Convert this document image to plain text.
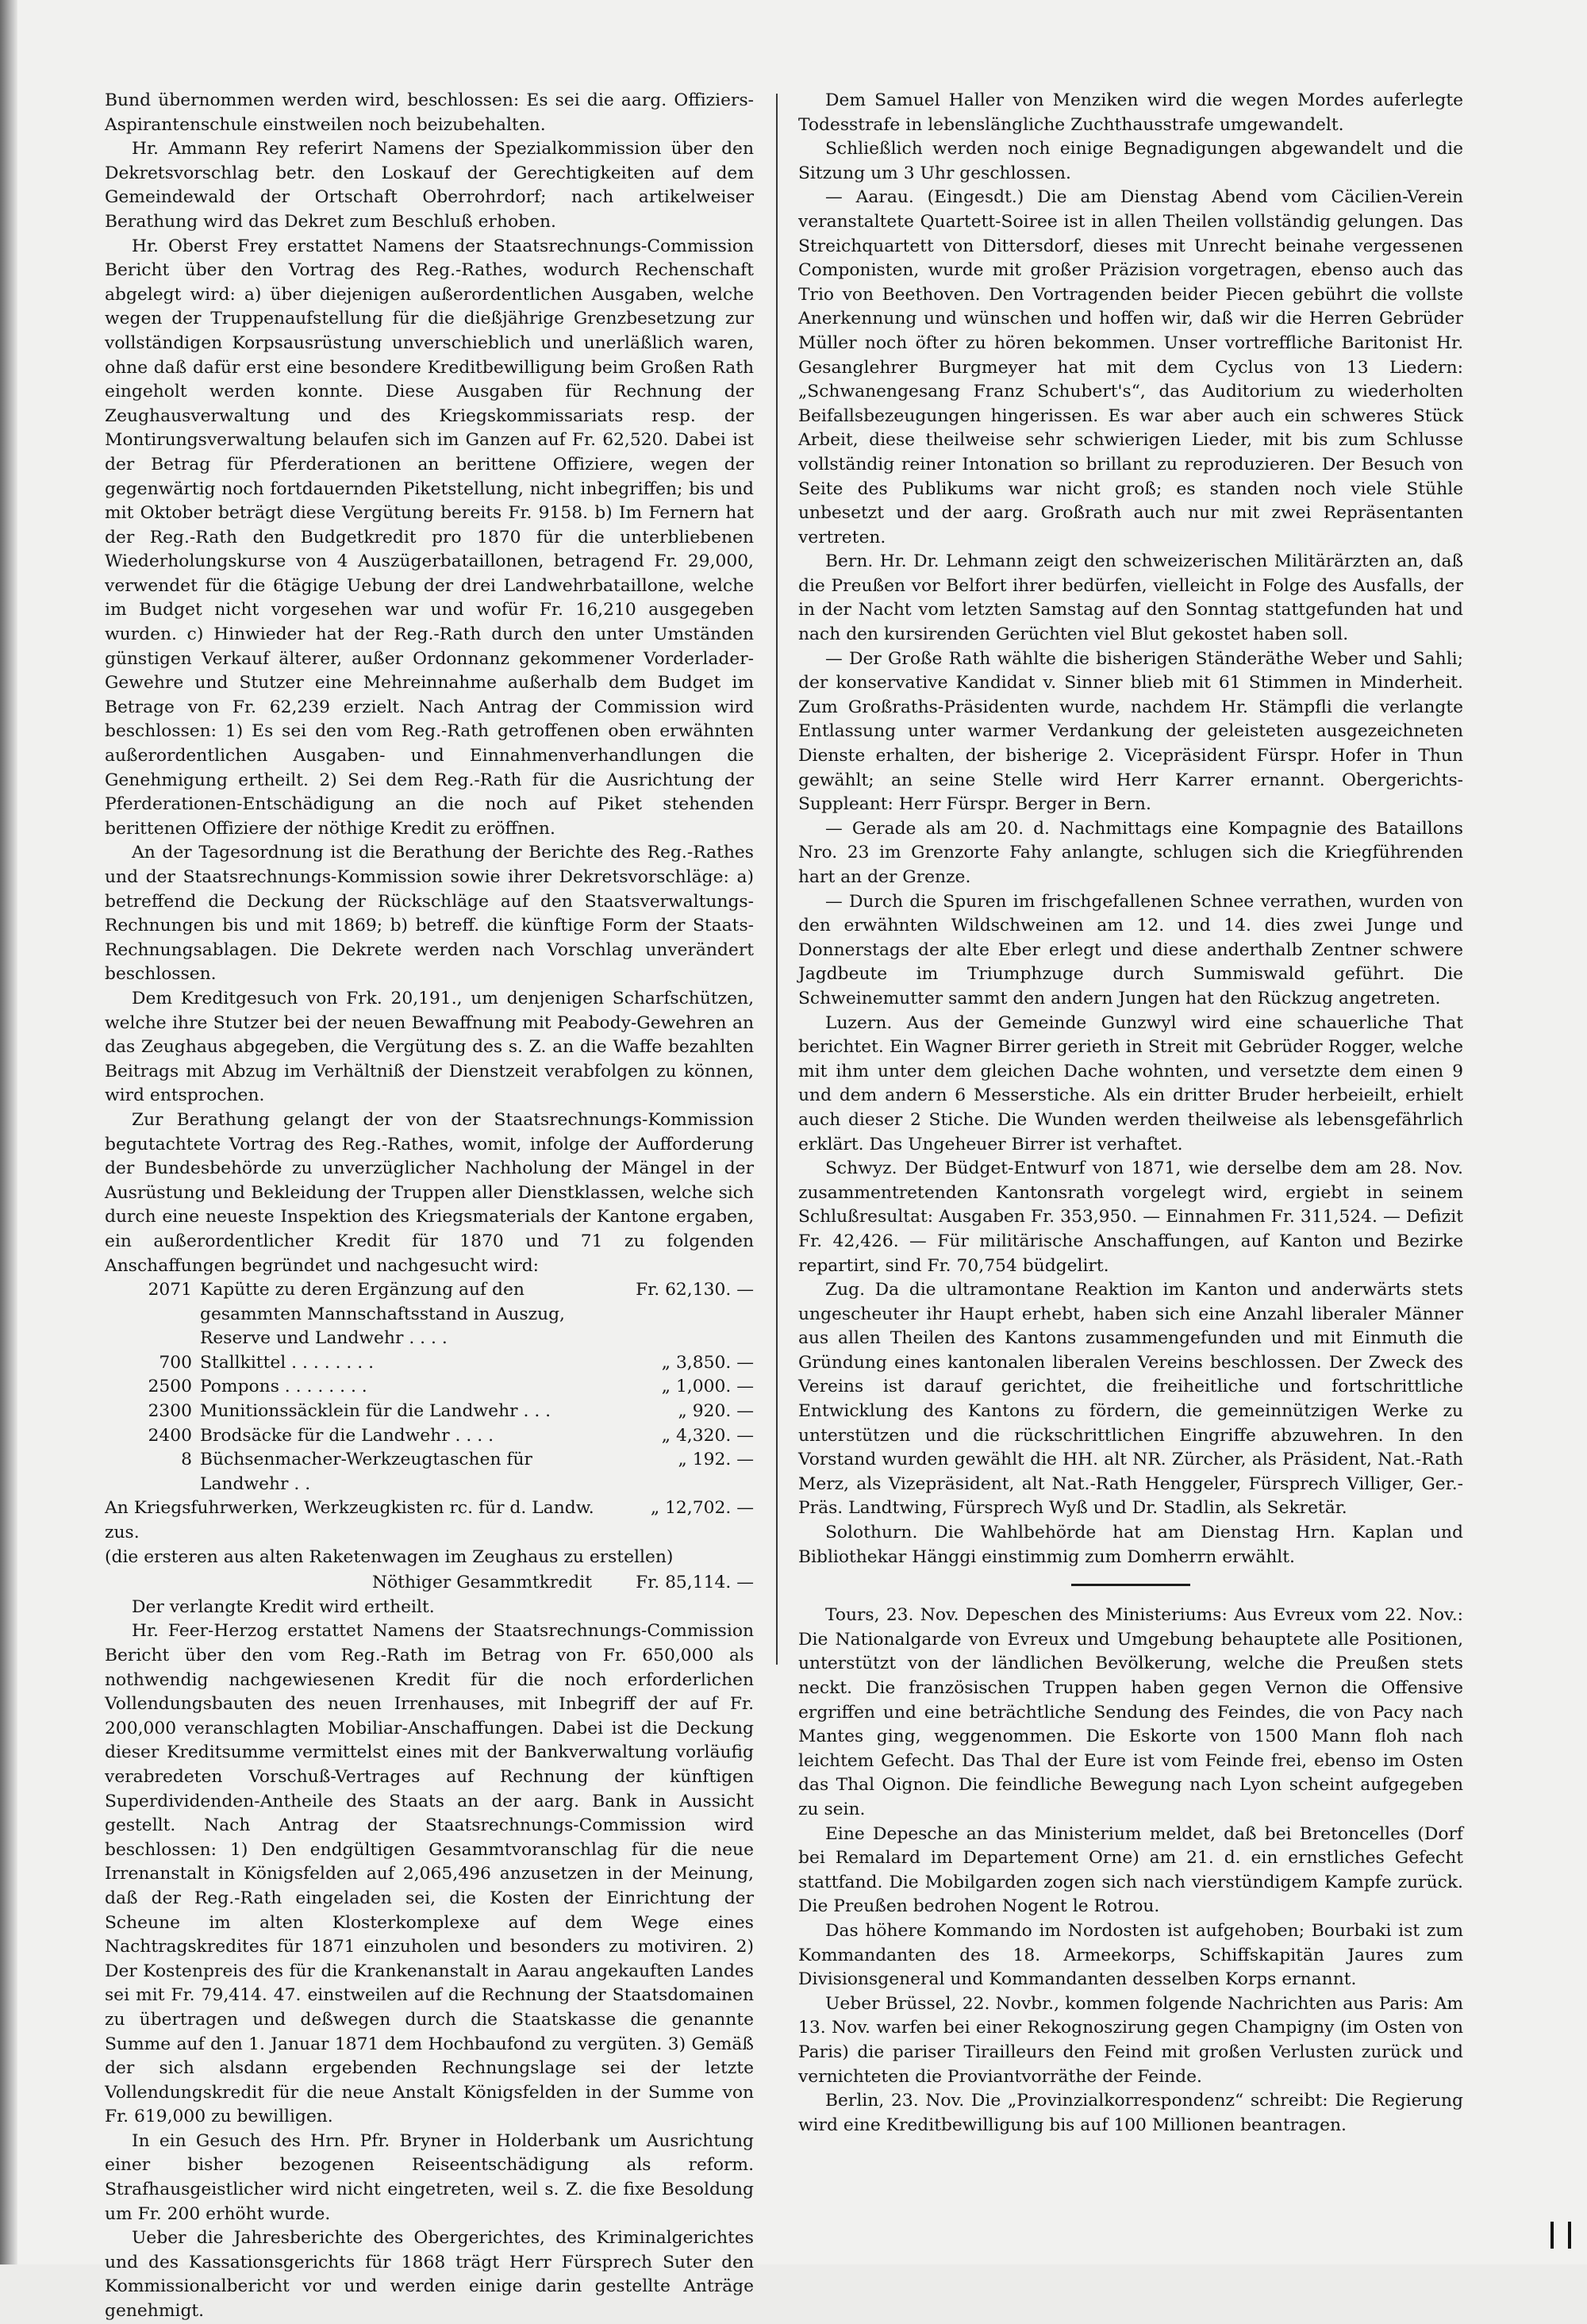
Bund übernommen werden wird, beschlossen: Es sei die aarg. Offiziers-Aspirantenschule einstweilen noch beizubehalten.

Hr. Ammann Rey referirt Namens der Spezialkommission über den Dekretsvorschlag betr. den Loskauf der Gerechtigkeiten auf dem Gemeindewald der Ortschaft Oberrohrdorf; nach artikelweiser Berathung wird das Dekret zum Beschluß erhoben.

Hr. Oberst Frey erstattet Namens der Staatsrechnungs-Commission Bericht über den Vortrag des Reg.-Rathes, wodurch Rechenschaft abgelegt wird: a) über diejenigen außerordentlichen Ausgaben, welche wegen der Truppenaufstellung für die dießjährige Grenzbesetzung zur vollständigen Korpsausrüstung unverschieblich und unerläßlich waren, ohne daß dafür erst eine besondere Kreditbewilligung beim Großen Rath eingeholt werden konnte. Diese Ausgaben für Rechnung der Zeughausverwaltung und des Kriegskommissariats resp. der Montirungsverwaltung belaufen sich im Ganzen auf Fr. 62,520. Dabei ist der Betrag für Pferderationen an berittene Offiziere, wegen der gegenwärtig noch fortdauernden Piketstellung, nicht inbegriffen; bis und mit Oktober beträgt diese Vergütung bereits Fr. 9158. b) Im Fernern hat der Reg.-Rath den Budgetkredit pro 1870 für die unterbliebenen Wiederholungskurse von 4 Auszügerbataillonen, betragend Fr. 29,000, verwendet für die 6tägige Uebung der drei Landwehrbataillone, welche im Budget nicht vorgesehen war und wofür Fr. 16,210 ausgegeben wurden. c) Hinwieder hat der Reg.-Rath durch den unter Umständen günstigen Verkauf älterer, außer Ordonnanz gekommener Vorderlader-Gewehre und Stutzer eine Mehreinnahme außerhalb dem Budget im Betrage von Fr. 62,239 erzielt. Nach Antrag der Commission wird beschlossen: 1) Es sei den vom Reg.-Rath getroffenen oben erwähnten außerordentlichen Ausgaben- und Einnahmenverhandlungen die Genehmigung ertheilt. 2) Sei dem Reg.-Rath für die Ausrichtung der Pferderationen-Entschädigung an die noch auf Piket stehenden berittenen Offiziere der nöthige Kredit zu eröffnen.

An der Tagesordnung ist die Berathung der Berichte des Reg.-Rathes und der Staatsrechnungs-Kommission sowie ihrer Dekretsvorschläge: a) betreffend die Deckung der Rückschläge auf den Staatsverwaltungs-Rechnungen bis und mit 1869; b) betreff. die künftige Form der Staats-Rechnungsablagen. Die Dekrete werden nach Vorschlag unverändert beschlossen.

Dem Kreditgesuch von Frk. 20,191., um denjenigen Scharfschützen, welche ihre Stutzer bei der neuen Bewaffnung mit Peabody-Gewehren an das Zeughaus abgegeben, die Vergütung des s. Z. an die Waffe bezahlten Beitrags mit Abzug im Verhältniß der Dienstzeit verabfolgen zu können, wird entsprochen.

Zur Berathung gelangt der von der Staatsrechnungs-Kommission begutachtete Vortrag des Reg.-Rathes, womit, infolge der Aufforderung der Bundesbehörde zu unverzüglicher Nachholung der Mängel in der Ausrüstung und Bekleidung der Truppen aller Dienstklassen, welche sich durch eine neueste Inspektion des Kriegsmaterials der Kantone ergaben, ein außerordentlicher Kredit für 1870 und 71 zu folgenden Anschaffungen begründet und nachgesucht wird:

2071	Kapütte zu deren Ergänzung auf den gesammten Mannschaftsstand in Auszug, Reserve und Landwehr . . . .	Fr. 62,130. —
700	Stallkittel . . . . . . . .	„ 3,850. —
2500	Pompons . . . . . . . .	„ 1,000. —
2300	Munitionssäcklein für die Landwehr . . .	„ 920. —
2400	Brodsäcke für die Landwehr . . . .	„ 4,320. —
8	Büchsenmacher-Werkzeugtaschen für Landwehr . .	„ 192. —
An Kriegsfuhrwerken, Werkzeugkisten rc. für d. Landw. zus.		„ 12,702. —
(die ersteren aus alten Raketenwagen im Zeughaus zu erstellen)		
Nöthiger Gesammtkredit		Fr. 85,114. —

Der verlangte Kredit wird ertheilt.

Hr. Feer-Herzog erstattet Namens der Staatsrechnungs-Commission Bericht über den vom Reg.-Rath im Betrag von Fr. 650,000 als nothwendig nachgewiesenen Kredit für die noch erforderlichen Vollendungsbauten des neuen Irrenhauses, mit Inbegriff der auf Fr. 200,000 veranschlagten Mobiliar-Anschaffungen. Dabei ist die Deckung dieser Kreditsumme vermittelst eines mit der Bankverwaltung vorläufig verabredeten Vorschuß-Vertrages auf Rechnung der künftigen Superdividenden-Antheile des Staats an der aarg. Bank in Aussicht gestellt. Nach Antrag der Staatsrechnungs-Commission wird beschlossen: 1) Den endgültigen Gesammtvoranschlag für die neue Irrenanstalt in Königsfelden auf 2,065,496 anzusetzen in der Meinung, daß der Reg.-Rath eingeladen sei, die Kosten der Einrichtung der Scheune im alten Klosterkomplexe auf dem Wege eines Nachtragskredites für 1871 einzuholen und besonders zu motiviren. 2) Der Kostenpreis des für die Krankenanstalt in Aarau angekauften Landes sei mit Fr. 79,414. 47. einstweilen auf die Rechnung der Staatsdomainen zu übertragen und deßwegen durch die Staatskasse die genannte Summe auf den 1. Januar 1871 dem Hochbaufond zu vergüten. 3) Gemäß der sich alsdann ergebenden Rechnungslage sei der letzte Vollendungskredit für die neue Anstalt Königsfelden in der Summe von Fr. 619,000 zu bewilligen.

In ein Gesuch des Hrn. Pfr. Bryner in Holderbank um Ausrichtung einer bisher bezogenen Reiseentschädigung als reform. Strafhausgeistlicher wird nicht eingetreten, weil s. Z. die fixe Besoldung um Fr. 200 erhöht wurde.

Ueber die Jahresberichte des Obergerichtes, des Kriminalgerichtes und des Kassationsgerichts für 1868 trägt Herr Fürsprech Suter den Kommissionalbericht vor und werden einige darin gestellte Anträge genehmigt.

Dem Samuel Haller von Menziken wird die wegen Mordes auferlegte Todesstrafe in lebenslängliche Zuchthausstrafe umgewandelt.

Schließlich werden noch einige Begnadigungen abgewandelt und die Sitzung um 3 Uhr geschlossen.

— Aarau. (Eingesdt.) Die am Dienstag Abend vom Cäcilien-Verein veranstaltete Quartett-Soiree ist in allen Theilen vollständig gelungen. Das Streichquartett von Dittersdorf, dieses mit Unrecht beinahe vergessenen Componisten, wurde mit großer Präzision vorgetragen, ebenso auch das Trio von Beethoven. Den Vortragenden beider Piecen gebührt die vollste Anerkennung und wünschen und hoffen wir, daß wir die Herren Gebrüder Müller noch öfter zu hören bekommen. Unser vortreffliche Baritonist Hr. Gesanglehrer Burgmeyer hat mit dem Cyclus von 13 Liedern: „Schwanengesang Franz Schubert's“, das Auditorium zu wiederholten Beifallsbezeugungen hingerissen. Es war aber auch ein schweres Stück Arbeit, diese theilweise sehr schwierigen Lieder, mit bis zum Schlusse vollständig reiner Intonation so brillant zu reproduzieren. Der Besuch von Seite des Publikums war nicht groß; es standen noch viele Stühle unbesetzt und der aarg. Großrath auch nur mit zwei Repräsentanten vertreten.

Bern. Hr. Dr. Lehmann zeigt den schweizerischen Militärärzten an, daß die Preußen vor Belfort ihrer bedürfen, vielleicht in Folge des Ausfalls, der in der Nacht vom letzten Samstag auf den Sonntag stattgefunden hat und nach den kursirenden Gerüchten viel Blut gekostet haben soll.

— Der Große Rath wählte die bisherigen Ständeräthe Weber und Sahli; der konservative Kandidat v. Sinner blieb mit 61 Stimmen in Minderheit. Zum Großraths-Präsidenten wurde, nachdem Hr. Stämpfli die verlangte Entlassung unter warmer Verdankung der geleisteten ausgezeichneten Dienste erhalten, der bisherige 2. Vicepräsident Fürspr. Hofer in Thun gewählt; an seine Stelle wird Herr Karrer ernannt. Obergerichts-Suppleant: Herr Fürspr. Berger in Bern.

— Gerade als am 20. d. Nachmittags eine Kompagnie des Bataillons Nro. 23 im Grenzorte Fahy anlangte, schlugen sich die Kriegführenden hart an der Grenze.

— Durch die Spuren im frischgefallenen Schnee verrathen, wurden von den erwähnten Wildschweinen am 12. und 14. dies zwei Junge und Donnerstags der alte Eber erlegt und diese anderthalb Zentner schwere Jagdbeute im Triumphzuge durch Summiswald geführt. Die Schweinemutter sammt den andern Jungen hat den Rückzug angetreten.

Luzern. Aus der Gemeinde Gunzwyl wird eine schauerliche That berichtet. Ein Wagner Birrer gerieth in Streit mit Gebrüder Rogger, welche mit ihm unter dem gleichen Dache wohnten, und versetzte dem einen 9 und dem andern 6 Messerstiche. Als ein dritter Bruder herbeieilt, erhielt auch dieser 2 Stiche. Die Wunden werden theilweise als lebensgefährlich erklärt. Das Ungeheuer Birrer ist verhaftet.

Schwyz. Der Büdget-Entwurf von 1871, wie derselbe dem am 28. Nov. zusammentretenden Kantonsrath vorgelegt wird, ergiebt in seinem Schlußresultat: Ausgaben Fr. 353,950. — Einnahmen Fr. 311,524. — Defizit Fr. 42,426. — Für militärische Anschaffungen, auf Kanton und Bezirke repartirt, sind Fr. 70,754 büdgelirt.

Zug. Da die ultramontane Reaktion im Kanton und anderwärts stets ungescheuter ihr Haupt erhebt, haben sich eine Anzahl liberaler Männer aus allen Theilen des Kantons zusammengefunden und mit Einmuth die Gründung eines kantonalen liberalen Vereins beschlossen. Der Zweck des Vereins ist darauf gerichtet, die freiheitliche und fortschrittliche Entwicklung des Kantons zu fördern, die gemeinnützigen Werke zu unterstützen und die rückschrittlichen Eingriffe abzuwehren. In den Vorstand wurden gewählt die HH. alt NR. Zürcher, als Präsident, Nat.-Rath Merz, als Vizepräsident, alt Nat.-Rath Henggeler, Fürsprech Villiger, Ger.-Präs. Landtwing, Fürsprech Wyß und Dr. Stadlin, als Sekretär.

Solothurn. Die Wahlbehörde hat am Dienstag Hrn. Kaplan und Bibliothekar Hänggi einstimmig zum Domherrn erwählt.

Tours, 23. Nov. Depeschen des Ministeriums: Aus Evreux vom 22. Nov.: Die Nationalgarde von Evreux und Umgebung behauptete alle Positionen, unterstützt von der ländlichen Bevölkerung, welche die Preußen stets neckt. Die französischen Truppen haben gegen Vernon die Offensive ergriffen und eine beträchtliche Sendung des Feindes, die von Pacy nach Mantes ging, weggenommen. Die Eskorte von 1500 Mann floh nach leichtem Gefecht. Das Thal der Eure ist vom Feinde frei, ebenso im Osten das Thal Oignon. Die feindliche Bewegung nach Lyon scheint aufgegeben zu sein.

Eine Depesche an das Ministerium meldet, daß bei Bretoncelles (Dorf bei Remalard im Departement Orne) am 21. d. ein ernstliches Gefecht stattfand. Die Mobilgarden zogen sich nach vierstündigem Kampfe zurück. Die Preußen bedrohen Nogent le Rotrou.

Das höhere Kommando im Nordosten ist aufgehoben; Bourbaki ist zum Kommandanten des 18. Armeekorps, Schiffskapitän Jaures zum Divisionsgeneral und Kommandanten desselben Korps ernannt.

Ueber Brüssel, 22. Novbr., kommen folgende Nachrichten aus Paris: Am 13. Nov. warfen bei einer Rekognoszirung gegen Champigny (im Osten von Paris) die pariser Tirailleurs den Feind mit großen Verlusten zurück und vernichteten die Proviantvorräthe der Feinde.

Berlin, 23. Nov. Die „Provinzialkorrespondenz“ schreibt: Die Regierung wird eine Kreditbewilligung bis auf 100 Millionen beantragen.
